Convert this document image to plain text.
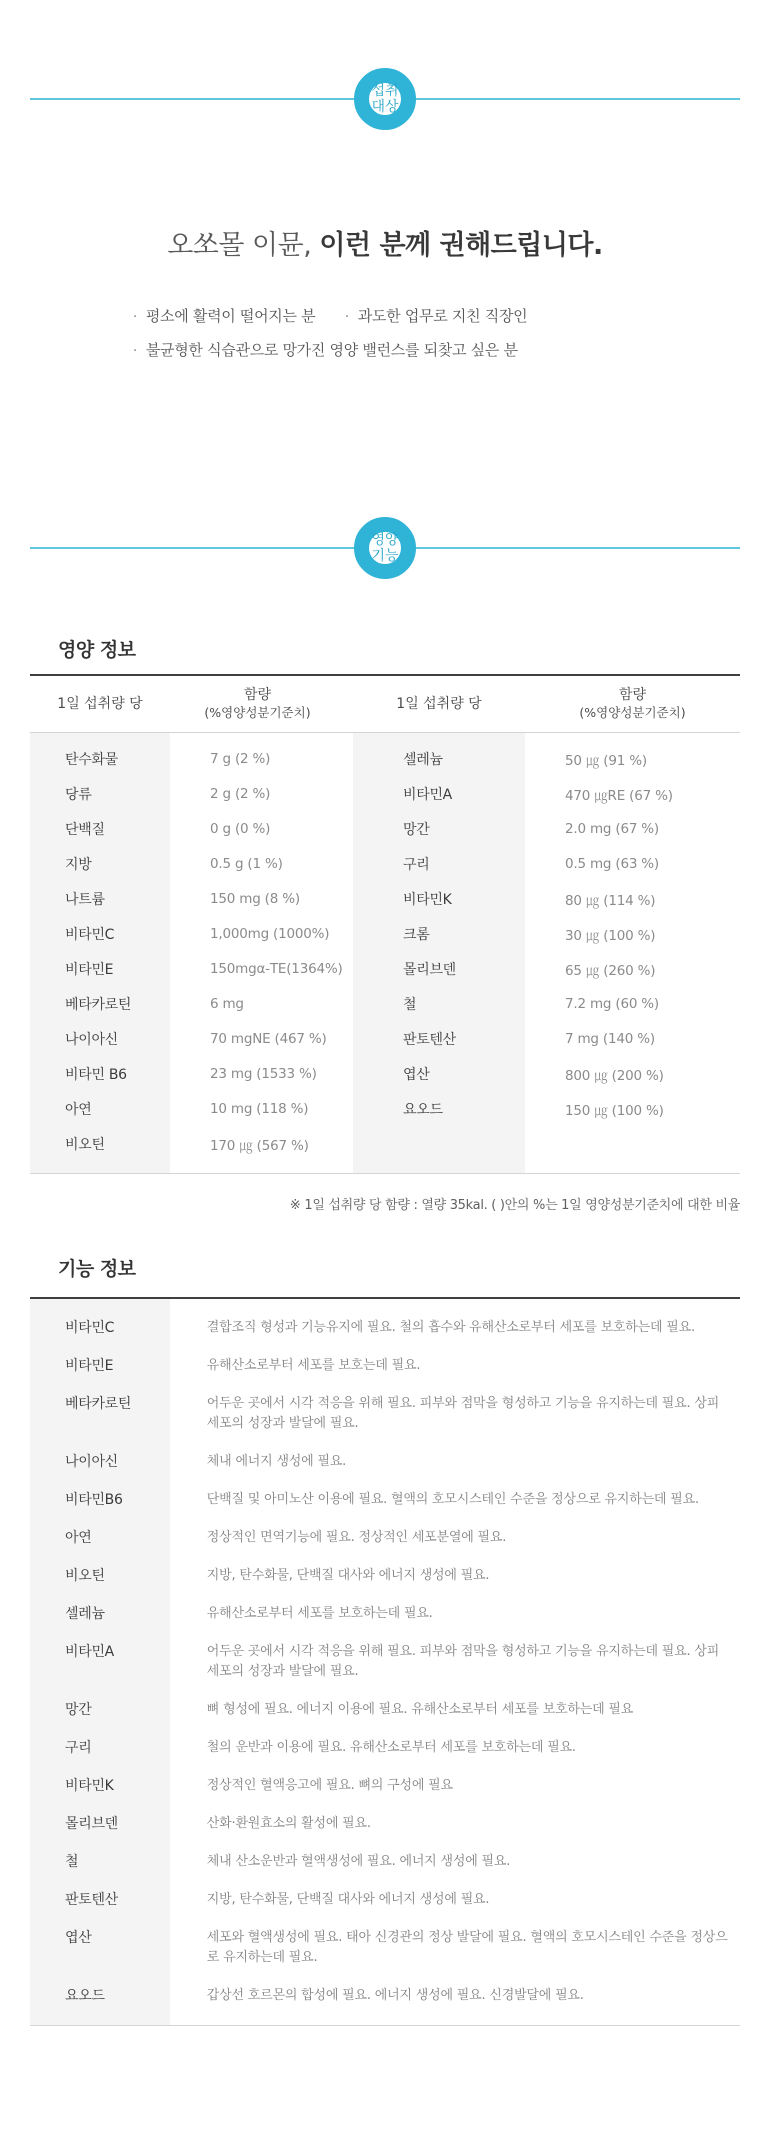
섭취
대상
오쏘몰 이뮨, 이런 분께 권해드립니다.
· 평소에 활력이 떨어지는 분	· 과도한 업무로 지친 직장인
· 불균형한 식습관으로 망가진 영양 밸런스를 되찾고 싶은 분
영양
기능
영양 정보
1일 섭취량 당
함량
(%영양성분기준치)
1일 섭취량 당
함량
(%영양성분기준치)
탄수화물	7 g (2 %)	셀레늄	50 ㎍ (91 %)
당류	2 g (2 %)	비타민A	470 ㎍RE (67 %)
단백질	0 g (0 %)	망간	2.0 mg (67 %)
지방	0.5 g (1 %)	구리	0.5 mg (63 %)
나트륨	150 mg (8 %)	비타민K	80 ㎍ (114 %)
비타민C	1,000mg (1000%)	크롬	30 ㎍ (100 %)
비타민E	150mgα-TE(1364%)	몰리브덴	65 ㎍ (260 %)
베타카로틴	6 mg	철	7.2 mg (60 %)
나이아신	70 mgNE (467 %)	판토텐산	7 mg (140 %)
비타민 B6	23 mg (1533 %)	엽산	800 ㎍ (200 %)
아연	10 mg (118 %)	요오드	150 ㎍ (100 %)
비오틴	170 ㎍ (567 %)

※ 1일 섭취량 당 함량 : 열량 35kal. ( )안의 %는 1일 영양성분기준치에 대한 비율

기능 정보
비타민C	결합조직 형성과 기능유지에 필요. 철의 흡수와 유해산소로부터 세포를 보호하는데 필요.
비타민E	유해산소로부터 세포를 보호는데 필요.
베타카로틴	어두운 곳에서 시각 적응을 위해 필요. 피부와 점막을 형성하고 기능을 유지하는데 필요. 상피 세포의 성장과 발달에 필요.
나이아신	체내 에너지 생성에 필요.
비타민B6	단백질 및 아미노산 이용에 필요. 혈액의 호모시스테인 수준을 정상으로 유지하는데 필요.
아연	정상적인 면역기능에 필요. 정상적인 세포분열에 필요.
비오틴	지방, 탄수화물, 단백질 대사와 에너지 생성에 필요.
셀레늄	유해산소로부터 세포를 보호하는데 필요.
비타민A	어두운 곳에서 시각 적응을 위해 필요. 피부와 점막을 형성하고 기능을 유지하는데 필요. 상피 세포의 성장과 발달에 필요.
망간	뼈 형성에 필요. 에너지 이용에 필요. 유해산소로부터 세포를 보호하는데 필요
구리	철의 운반과 이용에 필요. 유해산소로부터 세포를 보호하는데 필요.
비타민K	정상적인 혈액응고에 필요. 뼈의 구성에 필요
몰리브덴	산화·환원효소의 활성에 필요.
철	체내 산소운반과 혈액생성에 필요. 에너지 생성에 필요.
판토텐산	지방, 탄수화물, 단백질 대사와 에너지 생성에 필요.
엽산	세포와 혈액생성에 필요. 태아 신경관의 정상 발달에 필요. 혈액의 호모시스테인 수준을 정상으로 유지하는데 필요.
요오드	갑상선 호르몬의 합성에 필요. 에너지 생성에 필요. 신경발달에 필요.
